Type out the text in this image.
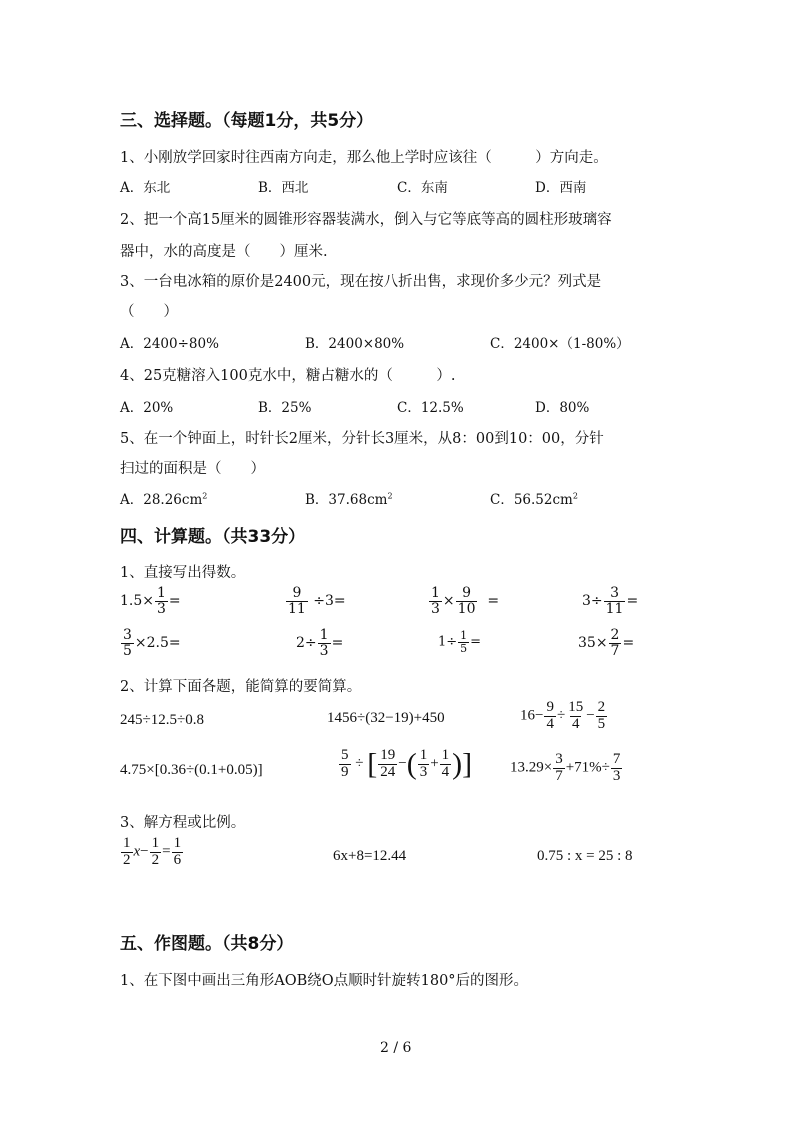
三、选择题。（每题1分，共5分）
1、小刚放学回家时往西南方向走，那么他上学时应该往（　　　）方向走。
A．东北	B．西北	C．东南	D．西南
2、把一个高15厘米的圆锥形容器装满水，倒入与它等底等高的圆柱形玻璃容
器中，水的高度是（　　）厘米.
3、一台电冰箱的原价是2400元，现在按八折出售，求现价多少元？列式是
（　　）
A．2400÷80%	B．2400×80%	C．2400×（1-80%）
4、25克糖溶入100克水中，糖占糖水的（　　　）.
A．20%	B．25%	C．12.5%	D．80%
5、在一个钟面上，时针长2厘米，分针长3厘米，从8：00到10：00，分针
扫过的面积是（　　）
A．$28.26cm^2$	B．$37.68cm^2$	C．$56.52cm^2$
四、计算题。（共33分）
1、直接写出得数。
$1.5\times \frac{1}{3}$ =	$\frac{9}{11} \div 3=$	$\frac{1}{3} \times \frac{9}{10}$ =	$3\div \frac{3}{11}$ =
$\frac{3}{5} \times 2.5=$	$2\div \frac{1}{3}$ =	$1\div \frac{1}{5}$ =	$35\times \frac{2}{7}$ =
2、计算下面各题，能简算的要简算。
245÷12.5÷0.8	1456÷(32−19)+450	$16- \frac{9}{4} \div \frac{15}{4} - \frac{2}{5}$
4.75×[0.36÷(0.1+0.05)]	$\frac{5}{9}$ ÷ [ $\frac{19}{24}$ −( $\frac{1}{3} + \frac{1}{4}$ )]	$13.29\times \frac{3}{7} +71\%\div \frac{7}{3}$
3、解方程或比例。
$\frac{1}{2} x- \frac{1}{2} = \frac{1}{6}$	6x+8=12.44	0.75 : x = 25 : 8
五、作图题。（共8分）
1、在下图中画出三角形AOB绕O点顺时针旋转180°后的图形。
2 / 6
